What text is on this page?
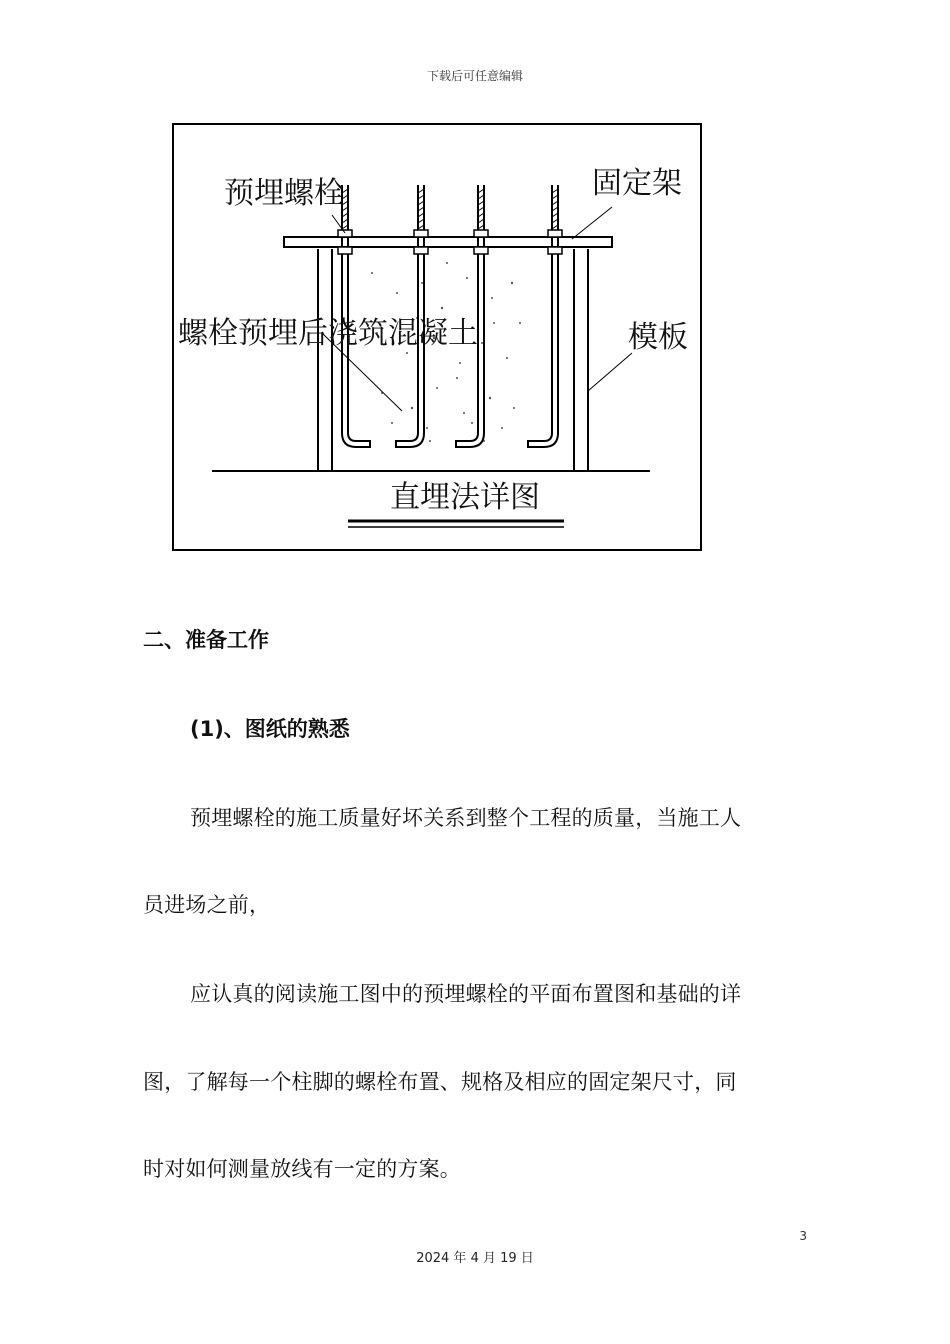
下载后可任意编辑
预埋螺栓	固定架
螺栓预埋后浇筑混凝土	模板
直埋法详图
二、准备工作
(1)、图纸的熟悉
预埋螺栓的施工质量好坏关系到整个工程的质量，当施工人
员进场之前，
应认真的阅读施工图中的预埋螺栓的平面布置图和基础的详
图，了解每一个柱脚的螺栓布置、规格及相应的固定架尺寸，同
时对如何测量放线有一定的方案。
3
2024 年 4 月 19 日
